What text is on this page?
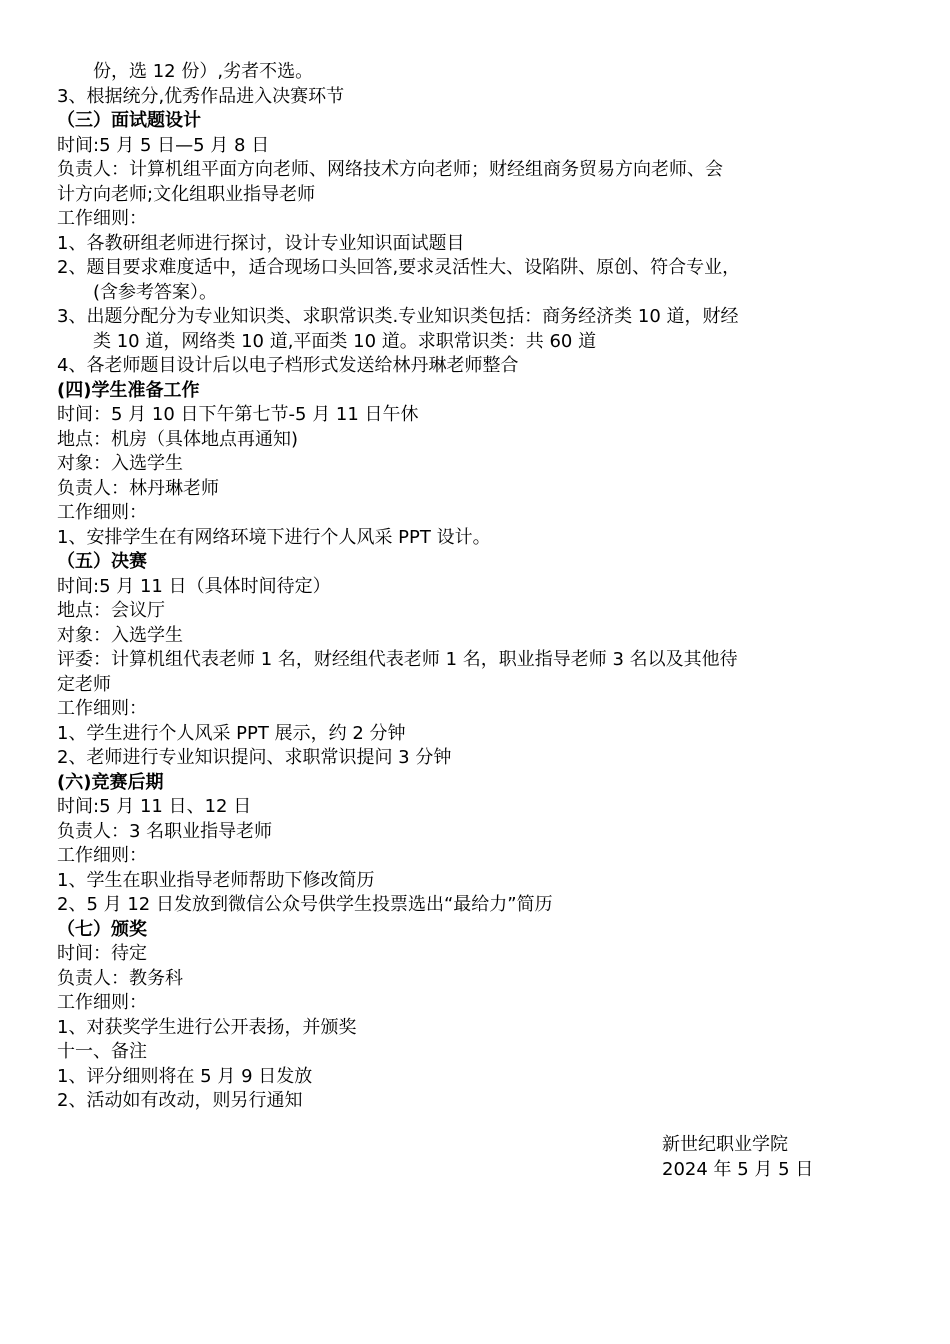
份，选 12 份）,劣者不选。
3、根据统分,优秀作品进入决赛环节
（三）面试题设计
时间:5 月 5 日—5 月 8 日
负责人：计算机组平面方向老师、网络技术方向老师；财经组商务贸易方向老师、会
计方向老师;文化组职业指导老师
工作细则：
1、各教研组老师进行探讨，设计专业知识面试题目
2、题目要求难度适中，适合现场口头回答,要求灵活性大、设陷阱、原创、符合专业，
(含参考答案）。
3、出题分配分为专业知识类、求职常识类.专业知识类包括：商务经济类 10 道，财经
类 10 道，网络类 10 道,平面类 10 道。求职常识类：共 60 道
4、各老师题目设计后以电子档形式发送给林丹琳老师整合
(四)学生准备工作
时间：5 月 10 日下午第七节-5 月 11 日午休
地点：机房（具体地点再通知)
对象：入选学生
负责人：林丹琳老师
工作细则：
1、安排学生在有网络环境下进行个人风采 PPT 设计。
（五）决赛
时间:5 月 11 日（具体时间待定）
地点：会议厅
对象：入选学生
评委：计算机组代表老师 1 名，财经组代表老师 1 名，职业指导老师 3 名以及其他待
定老师
工作细则：
1、学生进行个人风采 PPT 展示，约 2 分钟
2、老师进行专业知识提问、求职常识提问 3 分钟
(六)竞赛后期
时间:5 月 11 日、12 日
负责人：3 名职业指导老师
工作细则：
1、学生在职业指导老师帮助下修改简历
2、5 月 12 日发放到微信公众号供学生投票选出“最给力”简历
（七）颁奖
时间：待定
负责人：教务科
工作细则：
1、对获奖学生进行公开表扬，并颁奖
十一、备注
1、评分细则将在 5 月 9 日发放
2、活动如有改动，则另行通知
新世纪职业学院
2024 年 5 月 5 日
